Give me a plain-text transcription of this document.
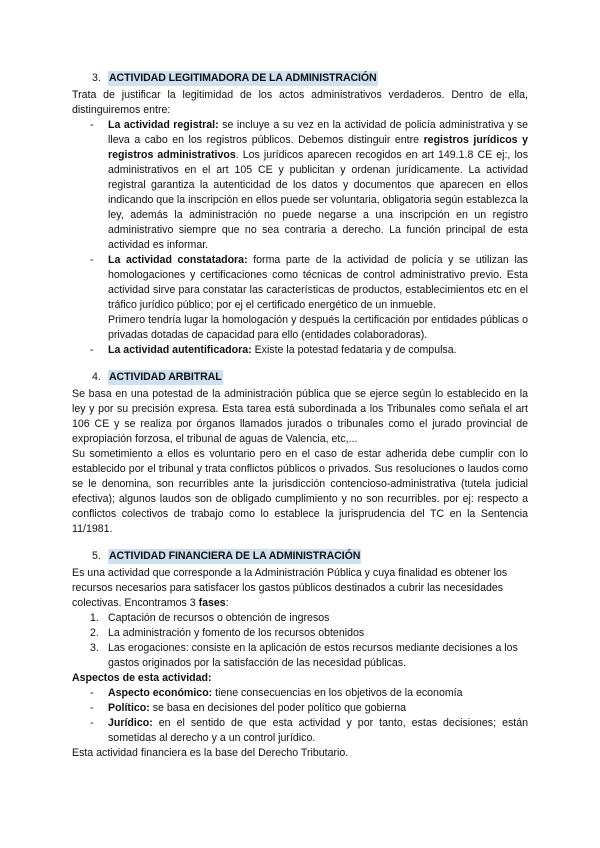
3. ACTIVIDAD LEGITIMADORA DE LA ADMINISTRACIÓN

Trata de justificar la legitimidad de los actos administrativos verdaderos. Dentro de ella, distinguiremos entre:

- La actividad registral: se incluye a su vez en la actividad de policía administrativa y se lleva a cabo en los registros públicos. Debemos distinguir entre registros jurídicos y registros administrativos. Los jurídicos aparecen recogidos en art 149.1.8 CE ej:, los administrativos en el art 105 CE y publicitan y ordenan jurídicamente. La actividad registral garantiza la autenticidad de los datos y documentos que aparecen en ellos indicando que la inscripción en ellos puede ser voluntaria, obligatoria según establezca la ley, además la administración no puede negarse a una inscripción en un registro administrativo siempre que no sea contraria a derecho. La función principal de esta actividad es informar.
- La actividad constatadora: forma parte de la actividad de policía y se utilizan las homologaciones y certificaciones como técnicas de control administrativo previo. Esta actividad sirve para constatar las características de productos, establecimientos etc en el tráfico jurídico público; por ej el certificado energético de un inmueble.
Primero tendría lugar la homologación y después la certificación por entidades públicas o privadas dotadas de capacidad para ello (entidades colaboradoras).
- La actividad autentificadora: Existe la potestad fedataria y de compulsa.
4. ACTIVIDAD ARBITRAL

Se basa en una potestad de la administración pública que se ejerce según lo establecido en la ley y por su precisión expresa. Esta tarea está subordinada a los Tribunales como señala el art 106 CE y se realiza por órganos llamados jurados o tribunales como el jurado provincial de expropiación forzosa, el tribunal de aguas de Valencia, etc,...

Su sometimiento a ellos es voluntario pero en el caso de estar adherida debe cumplir con lo establecido por el tribunal y trata conflictos públicos o privados. Sus resoluciones o laudos como se le denomina, son recurribles ante la jurisdicción contencioso-administrativa (tutela judicial efectiva); algunos laudos son de obligado cumplimiento y no son recurribles. por ej: respecto a conflictos colectivos de trabajo como lo establece la jurisprudencia del TC en la Sentencia 11/1981.

5. ACTIVIDAD FINANCIERA DE LA ADMINISTRACIÓN

Es una actividad que corresponde a la Administración Pública y cuya finalidad es obtener los recursos necesarios para satisfacer los gastos públicos destinados a cubrir las necesidades colectivas. Encontramos 3 fases:

1. Captación de recursos o obtención de ingresos
2. La administración y fomento de los recursos obtenidos
3. Las erogaciones: consiste en la aplicación de estos recursos mediante decisiones a los gastos originados por la satisfacción de las necesidad públicas.
Aspectos de esta actividad:
- Aspecto económico: tiene consecuencias en los objetivos de la economía
- Político: se basa en decisiones del poder político que gobierna
- Jurídico: en el sentido de que esta actividad y por tanto, estas decisiones; están sometidas al derecho y a un control jurídico.

Esta actividad financiera es la base del Derecho Tributario.
